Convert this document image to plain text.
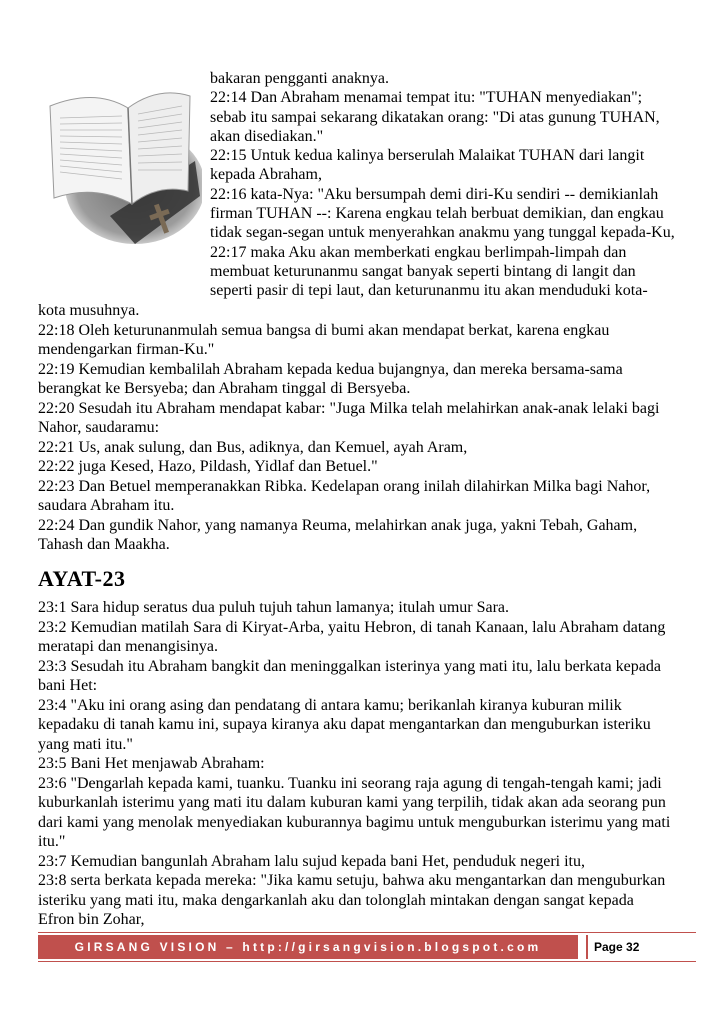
bakaran pengganti anaknya.
22:14 Dan Abraham menamai tempat itu: "TUHAN menyediakan";
sebab itu sampai sekarang dikatakan orang: "Di atas gunung TUHAN,
akan disediakan."
22:15 Untuk kedua kalinya berserulah Malaikat TUHAN dari langit
kepada Abraham,
22:16 kata-Nya: "Aku bersumpah demi diri-Ku sendiri -- demikianlah
firman TUHAN --: Karena engkau telah berbuat demikian, dan engkau
tidak segan-segan untuk menyerahkan anakmu yang tunggal kepada-Ku,
22:17 maka Aku akan memberkati engkau berlimpah-limpah dan
membuat keturunanmu sangat banyak seperti bintang di langit dan
seperti pasir di tepi laut, dan keturunanmu itu akan menduduki kota-
kota musuhnya.
22:18 Oleh keturunanmulah semua bangsa di bumi akan mendapat berkat, karena engkau
mendengarkan firman-Ku."
22:19 Kemudian kembalilah Abraham kepada kedua bujangnya, dan mereka bersama-sama
berangkat ke Bersyeba; dan Abraham tinggal di Bersyeba.
22:20 Sesudah itu Abraham mendapat kabar: "Juga Milka telah melahirkan anak-anak lelaki bagi
Nahor, saudaramu:
22:21 Us, anak sulung, dan Bus, adiknya, dan Kemuel, ayah Aram,
22:22 juga Kesed, Hazo, Pildash, Yidlaf dan Betuel."
22:23 Dan Betuel memperanakkan Ribka. Kedelapan orang inilah dilahirkan Milka bagi Nahor,
saudara Abraham itu.
22:24 Dan gundik Nahor, yang namanya Reuma, melahirkan anak juga, yakni Tebah, Gaham,
Tahash dan Maakha.
AYAT-23
23:1 Sara hidup seratus dua puluh tujuh tahun lamanya; itulah umur Sara.
23:2 Kemudian matilah Sara di Kiryat-Arba, yaitu Hebron, di tanah Kanaan, lalu Abraham datang
meratapi dan menangisinya.
23:3 Sesudah itu Abraham bangkit dan meninggalkan isterinya yang mati itu, lalu berkata kepada
bani Het:
23:4 "Aku ini orang asing dan pendatang di antara kamu; berikanlah kiranya kuburan milik
kepadaku di tanah kamu ini, supaya kiranya aku dapat mengantarkan dan menguburkan isteriku
yang mati itu."
23:5 Bani Het menjawab Abraham:
23:6 "Dengarlah kepada kami, tuanku. Tuanku ini seorang raja agung di tengah-tengah kami; jadi
kuburkanlah isterimu yang mati itu dalam kuburan kami yang terpilih, tidak akan ada seorang pun
dari kami yang menolak menyediakan kuburannya bagimu untuk menguburkan isterimu yang mati
itu."
23:7 Kemudian bangunlah Abraham lalu sujud kepada bani Het, penduduk negeri itu,
23:8 serta berkata kepada mereka: "Jika kamu setuju, bahwa aku mengantarkan dan menguburkan
isteriku yang mati itu, maka dengarkanlah aku dan tolonglah mintakan dengan sangat kepada
Efron bin Zohar,
GIRSANG VISION – http://girsangvision.blogspot.com	Page 32
